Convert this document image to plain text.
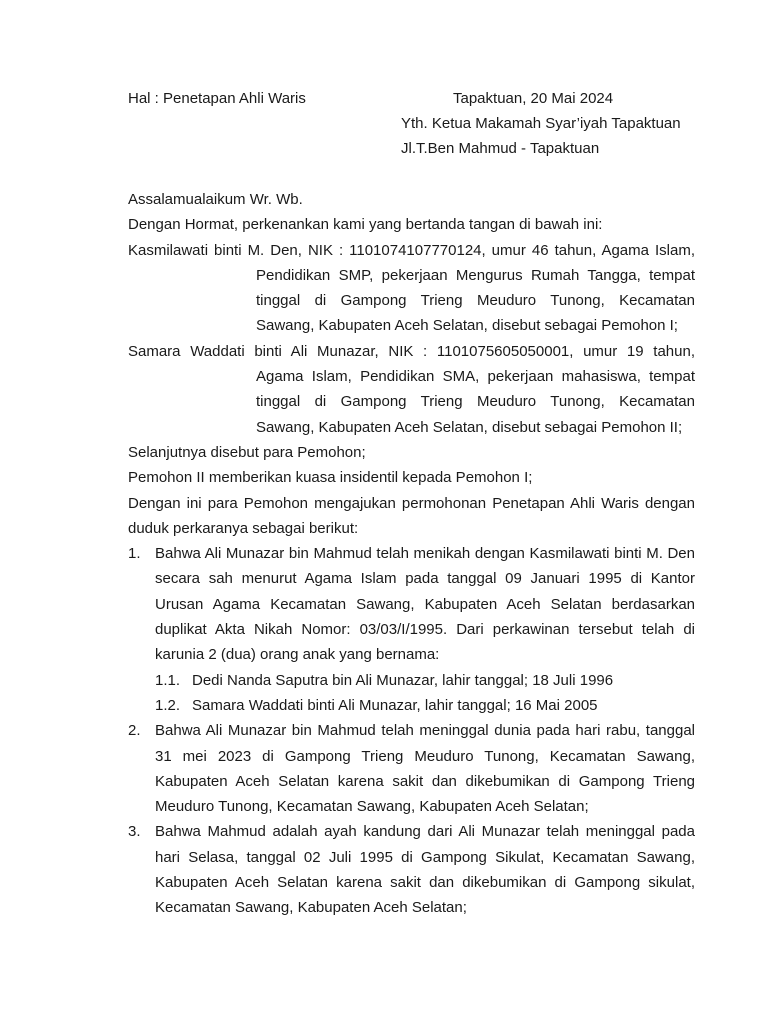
Hal : Penetapan Ahli Waris	Tapaktuan, 20 Mai 2024
Yth. Ketua Makamah Syar’iyah Tapaktuan
Jl.T.Ben Mahmud - Tapaktuan
Assalamualaikum Wr. Wb.
Dengan Hormat, perkenankan kami yang bertanda tangan di bawah ini:
Kasmilawati binti M. Den, NIK : 1101074107770124, umur 46 tahun, Agama Islam,
Pendidikan SMP, pekerjaan Mengurus Rumah Tangga, tempat tinggal di Gampong Trieng Meuduro Tunong, Kecamatan Sawang, Kabupaten Aceh Selatan, disebut sebagai Pemohon I;
Samara Waddati binti Ali Munazar, NIK : 1101075605050001, umur 19 tahun,
Agama Islam, Pendidikan SMA, pekerjaan mahasiswa, tempat tinggal di Gampong Trieng Meuduro Tunong, Kecamatan Sawang, Kabupaten Aceh Selatan, disebut sebagai Pemohon II;
Selanjutnya disebut para Pemohon;
Pemohon II memberikan kuasa insidentil kepada Pemohon I;
Dengan ini para Pemohon mengajukan permohonan Penetapan Ahli Waris dengan duduk perkaranya sebagai berikut:
1. Bahwa Ali Munazar bin Mahmud telah menikah dengan Kasmilawati binti M. Den secara sah menurut Agama Islam pada tanggal 09 Januari 1995 di Kantor Urusan Agama Kecamatan Sawang, Kabupaten Aceh Selatan berdasarkan duplikat Akta Nikah Nomor: 03/03/I/1995. Dari perkawinan tersebut telah di karunia 2 (dua) orang anak yang bernama:
1.1. Dedi Nanda Saputra bin Ali Munazar, lahir tanggal; 18 Juli 1996
1.2. Samara Waddati binti Ali Munazar, lahir tanggal; 16 Mai 2005
2. Bahwa Ali Munazar bin Mahmud telah meninggal dunia pada hari rabu, tanggal 31 mei 2023 di Gampong Trieng Meuduro Tunong, Kecamatan Sawang, Kabupaten Aceh Selatan karena sakit dan dikebumikan di Gampong Trieng Meuduro Tunong, Kecamatan Sawang, Kabupaten Aceh Selatan;
3. Bahwa Mahmud adalah ayah kandung dari Ali Munazar telah meninggal pada hari Selasa, tanggal 02 Juli 1995 di Gampong Sikulat, Kecamatan Sawang, Kabupaten Aceh Selatan karena sakit dan dikebumikan di Gampong sikulat, Kecamatan Sawang, Kabupaten Aceh Selatan;
